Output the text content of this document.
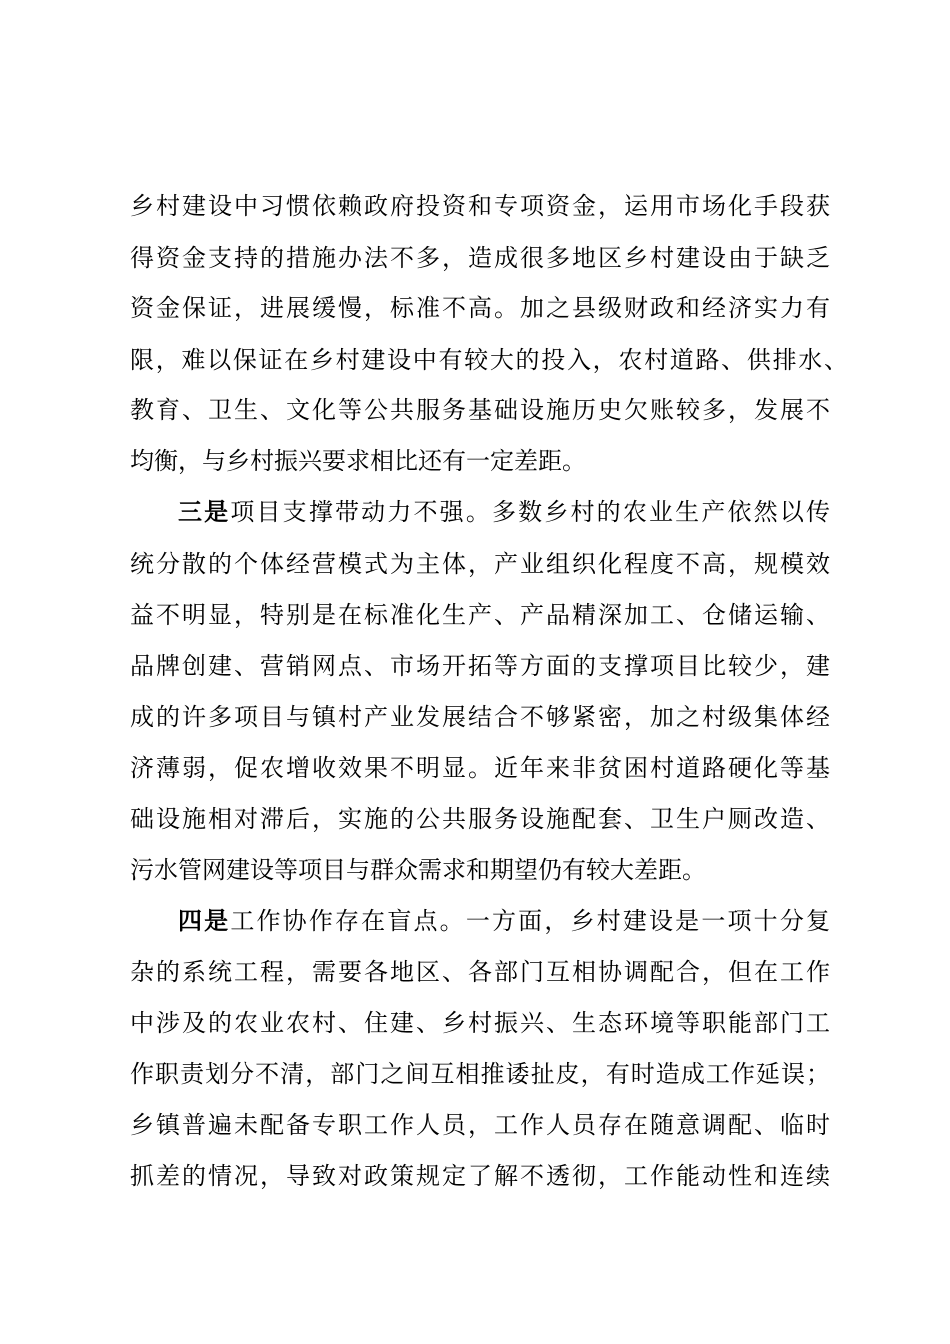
乡村建设中习惯依赖政府投资和专项资金，运用市场化手段获
得资金支持的措施办法不多，造成很多地区乡村建设由于缺乏
资金保证，进展缓慢，标准不高。加之县级财政和经济实力有
限，难以保证在乡村建设中有较大的投入，农村道路、供排水、
教育、卫生、文化等公共服务基础设施历史欠账较多，发展不
均衡，与乡村振兴要求相比还有一定差距。
三是项目支撑带动力不强。多数乡村的农业生产依然以传
统分散的个体经营模式为主体，产业组织化程度不高，规模效
益不明显，特别是在标准化生产、产品精深加工、仓储运输、
品牌创建、营销网点、市场开拓等方面的支撑项目比较少，建
成的许多项目与镇村产业发展结合不够紧密，加之村级集体经
济薄弱，促农增收效果不明显。近年来非贫困村道路硬化等基
础设施相对滞后，实施的公共服务设施配套、卫生户厕改造、
污水管网建设等项目与群众需求和期望仍有较大差距。
四是工作协作存在盲点。一方面，乡村建设是一项十分复
杂的系统工程，需要各地区、各部门互相协调配合，但在工作
中涉及的农业农村、住建、乡村振兴、生态环境等职能部门工
作职责划分不清，部门之间互相推诿扯皮，有时造成工作延误；
乡镇普遍未配备专职工作人员，工作人员存在随意调配、临时
抓差的情况，导致对政策规定了解不透彻，工作能动性和连续
